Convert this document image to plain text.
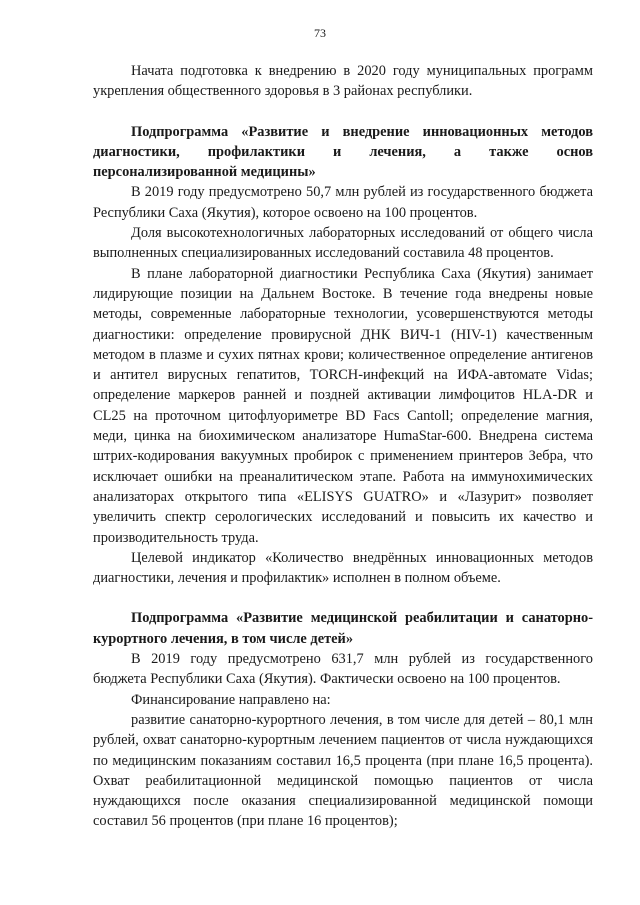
73

Начата подготовка к внедрению в 2020 году муниципальных программ укрепления общественного здоровья в 3 районах республики.

Подпрограмма «Развитие и внедрение инновационных методов диагностики, профилактики и лечения, а также основ персонализированной медицины»

В 2019 году предусмотрено 50,7 млн рублей из государственного бюджета Республики Саха (Якутия), которое освоено на 100 процентов.

Доля высокотехнологичных лабораторных исследований от общего числа выполненных специализированных исследований составила 48 процентов.

В плане лабораторной диагностики Республика Саха (Якутия) занимает лидирующие позиции на Дальнем Востоке. В течение года внедрены новые методы, современные лабораторные технологии, усовершенствуются методы диагностики: определение провирусной ДНК ВИЧ-1 (HIV-1) качественным методом в плазме и сухих пятнах крови; количественное определение антигенов и антител вирусных гепатитов, TORCH-инфекций на ИФА-автомате Vidas; определение маркеров ранней и поздней активации лимфоцитов HLA-DR и CL25 на проточном цитофлуориметре BD Facs Cantoll; определение магния, меди, цинка на биохимическом анализаторе HumaStar-600. Внедрена система штрих-кодирования вакуумных пробирок с применением принтеров Зебра, что исключает ошибки на преаналитическом этапе. Работа на иммунохимических анализаторах открытого типа «ELISYS GUATRO» и «Лазурит» позволяет увеличить спектр серологических исследований и повысить их качество и производительность труда.

Целевой индикатор «Количество внедрённых инновационных методов диагностики, лечения и профилактик» исполнен в полном объеме.

Подпрограмма «Развитие медицинской реабилитации и санаторно-курортного лечения, в том числе детей»

В 2019 году предусмотрено 631,7 млн рублей из государственного бюджета Республики Саха (Якутия). Фактически освоено на 100 процентов.

Финансирование направлено на:

развитие санаторно-курортного лечения, в том числе для детей – 80,1 млн рублей, охват санаторно-курортным лечением пациентов от числа нуждающихся по медицинским показаниям составил 16,5 процента (при плане 16,5 процента). Охват реабилитационной медицинской помощью пациентов от числа нуждающихся после оказания специализированной медицинской помощи составил 56 процентов (при плане 16 процентов);
